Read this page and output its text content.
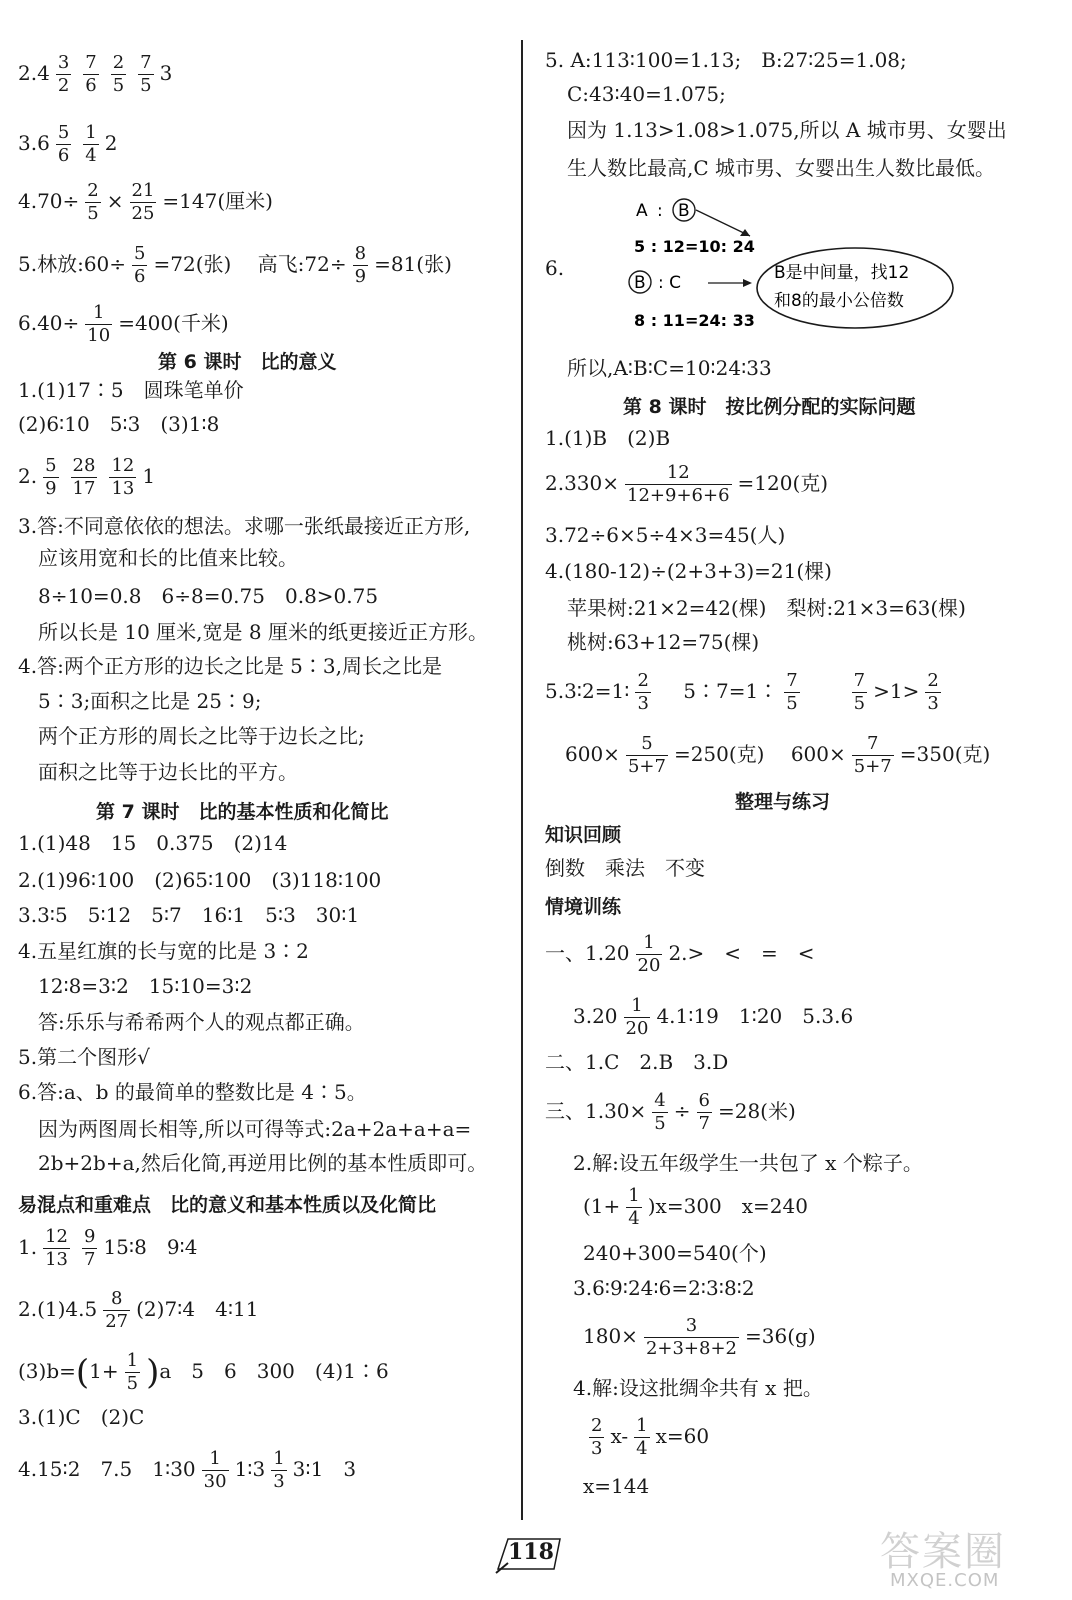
$2.4 \frac{3}{2} \frac{7}{6} \frac{2}{5} \frac{7}{5} 3$
$3.6 \frac{5}{6} \frac{1}{4} 2$
$4.70\div \frac{2}{5} \times \frac{21}{25} =147$(厘米)
5.林放:60÷ $\frac{5}{6} =72$(张)　 高飞:72÷ $\frac{8}{9} =81$(张)
$6.40\div \frac{1}{10} =400$(千米)
第 6 课时　比的意义
1.(1)17∶5　圆珠笔单价
(2)6∶10　5∶3　(3)1∶8
2. $\frac{5}{9} \frac{28}{17} \frac{12}{13} 1$
3.答:不同意依依的想法。求哪一张纸最接近正方形,
应该用宽和长的比值来比较。
8÷10=0.8　6÷8=0.75　0.8>0.75
所以长是 10 厘米,宽是 8 厘米的纸更接近正方形。
4.答:两个正方形的边长之比是 5∶3,周长之比是
5∶3;面积之比是 25∶9;
两个正方形的周长之比等于边长之比;
面积之比等于边长比的平方。
第 7 课时　比的基本性质和化简比
1.(1)48　15　0.375　(2)14
2.(1)96∶100　(2)65∶100　(3)118∶100
3.3∶5　5∶12　5∶7　16∶1　5∶3　30∶1
4.五星红旗的长与宽的比是 3∶2
12∶8=3∶2　15∶10=3∶2
答:乐乐与希希两个人的观点都正确。
5.第二个图形√
6.答:a、b 的最简单的整数比是 4∶5。
因为两图周长相等,所以可得等式:2a+2a+a+a=
2b+2b+a,然后化简,再逆用比例的基本性质即可。
易混点和重难点　比的意义和基本性质以及化简比
1. $\frac{12}{13} \frac{9}{7}$ 15∶8　9∶4
$2.(1)4.5 \frac{8}{27}$ (2)7∶4　4∶11
$(3)b=(1+ \frac{1}{5} )a$　5　6　300　(4)1∶6
3.(1)C　(2)C
4.15∶2　7.5　1∶30 $\frac{1}{30}$ 1∶3 $\frac{1}{3}$ 3∶1　3
5. A:113∶100=1.13;　B:27∶25=1.08;
C:43∶40=1.075;
因为 1.13>1.08>1.075,所以 A 城市男、女婴出
生人数比最高,C 城市男、女婴出生人数比最低。
6.
所以,A∶B∶C=10∶24∶33
第 8 课时　按比例分配的实际问题
1.(1)B　(2)B
$2.330\times \frac{12}{12+9+6+6} =120$(克)
3.72÷6×5÷4×3=45(人)
4.(180-12)÷(2+3+3)=21(棵)
苹果树:21×2=42(棵)　梨树:21×3=63(棵)
桃树:63+12=75(棵)
5.3∶2=1∶ $\frac{2}{3}$ 　 5∶7=1∶ $\frac{7}{5}$
　　	$\frac{7}{5} >1> \frac{2}{3}$
$600\times \frac{5}{5+7} =250$(克)　 $600\times \frac{7}{5+7} =350$(克)
整理与练习
知识回顾
倒数　乘法　不变
情境训练
一、$1.20 \frac{1}{20} 2.>$　<　=　<
$3.20 \frac{1}{20}$ 4.1∶19　1∶20　5.3.6
二、1.C　2.B　3.D
三、$1.30\times \frac{4}{5} \div \frac{6}{7} =28$(米)
2.解:设五年级学生一共包了 x 个粽子。
$(1+ \frac{1}{4} )x=300$　x=240
240+300=540(个)
3.6∶9∶24∶6=2∶3∶8∶2
$180\times \frac{3}{2+3+8+2} =36(g)$
4.解:设这批绸伞共有 x 把。
$\frac{2}{3} x- \frac{1}{4} x=60$
x=144
A : B
5 : 12=10: 24
B : C
8 : 11=24: 33
B是中间量，找12
和8的最小公倍数
118	答案圈
MXQE.COM
